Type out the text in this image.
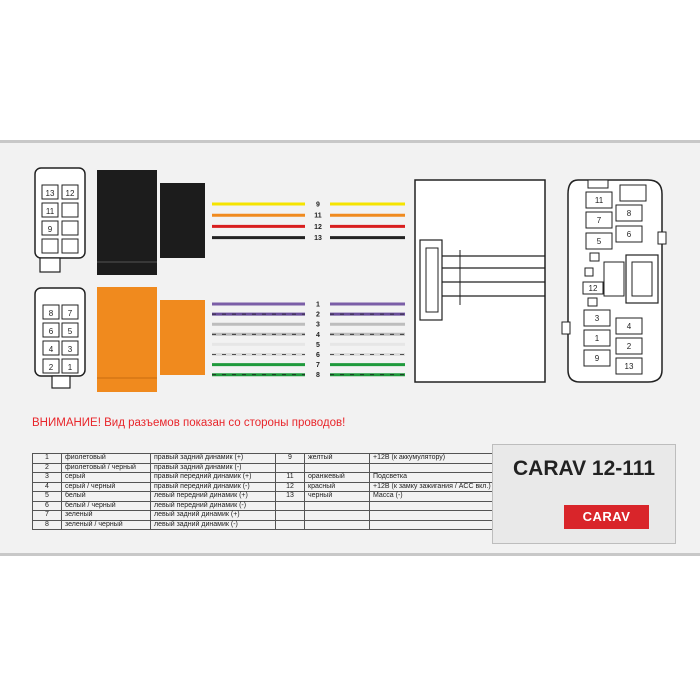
13 12
11
9
8 7
6 5
4 3
2 1
9
11
12
13
1
2
3
4
5
6
7
8
11
8
7
6
5
12
3
4
1
2
9
13
ВНИМАНИЕ! Вид разъемов показан со стороны проводов!
1	фиолетовый	правый задний динамик (+)	9	желтый	+12В (к аккумулятору)
2	фиолетовый / черный	правый задний динамик (-)			
3	серый	правый передний динамик (+)	11	оранжевый	Подсветка
4	серый / черный	правый передний динамик (-)	12	красный	+12В (к замку зажигания / ACC вкл.)
5	белый	левый передний динамик (+)	13	черный	Масса (-)
6	белый / черный	левый передний динамик (-)			
7	зеленый	левый задний динамик (+)			
8	зеленый / черный	левый задний динамик (-)			
CARAV 12-111
CARAV
